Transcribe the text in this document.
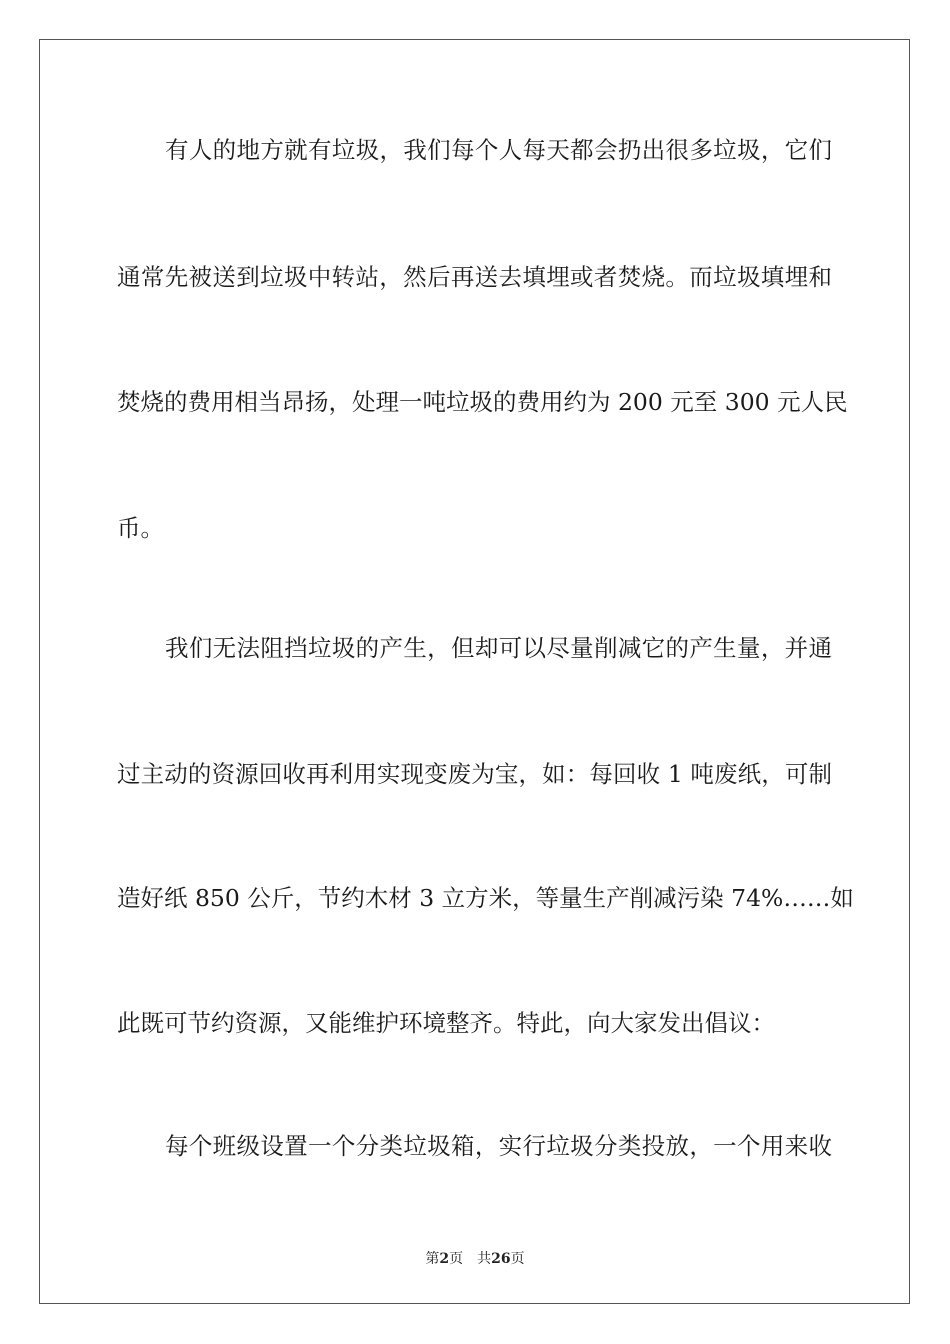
有人的地方就有垃圾，我们每个人每天都会扔出很多垃圾，它们
通常先被送到垃圾中转站，然后再送去填埋或者焚烧。而垃圾填埋和
焚烧的费用相当昂扬，处理一吨垃圾的费用约为 200 元至 300 元人民
币。
我们无法阻挡垃圾的产生，但却可以尽量削减它的产生量，并通
过主动的资源回收再利用实现变废为宝，如：每回收 1 吨废纸，可制
造好纸 850 公斤，节约木材 3 立方米，等量生产削减污染 74%……如
此既可节约资源，又能维护环境整齐。特此，向大家发出倡议：
每个班级设置一个分类垃圾箱，实行垃圾分类投放，一个用来收
第2页 共26页
